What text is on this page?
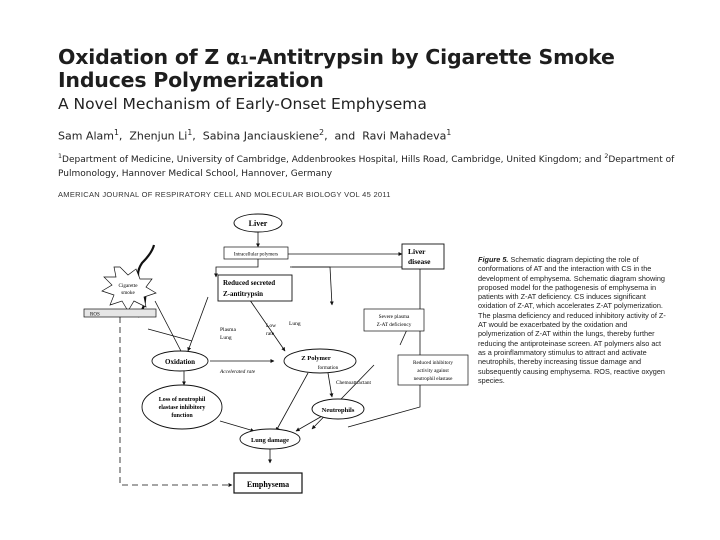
Oxidation of Z α₁-Antitrypsin by Cigarette Smoke
Induces Polymerization
A Novel Mechanism of Early-Onset Emphysema
Sam Alam$^1$,  Zhenjun Li$^1$,  Sabina Janciauskiene$^2$,  and  Ravi Mahadeva$^1$
$^1$Department of Medicine, University of Cambridge, Addenbrookes Hospital, Hills Road, Cambridge, United Kingdom; and $^2$Department of Pulmonology, Hannover Medical School, Hannover, Germany
AMERICAN JOURNAL OF RESPIRATORY CELL AND MOLECULAR BIOLOGY VOL 45 2011
Liver
Intracellular polymers	Liver
disease
Reduced secreted
Z-antitrypsin
Cigarette
smoke
ROS
Plasma
Lung
Low
rate
Lung
Severe plasma
Z-AT deficiency
Oxidation	Z Polymer
formation
Accelerated rate
Reduced inhibitory
activity against
neutrophil elastase
Chemoattractant
Loss of neutrophil
elastase inhibitory
function
Neutrophils
Lung damage
Emphysema
Figure 5. Schematic diagram depicting the role of conformations of AT and the interaction with CS in the development of emphysema. Schematic diagram showing proposed model for the pathogenesis of emphysema in patients with Z-AT deficiency. CS induces significant oxidation of Z-AT, which accelerates Z-AT polymerization. The plasma deficiency and reduced inhibitory activity of Z-AT would be exacerbated by the oxidation and polymerization of Z-AT within the lungs, thereby further reducing the antiproteinase screen. AT polymers also act as a proinflammatory stimulus to attract and activate neutrophils, thereby increasing tissue damage and subsequently causing emphysema. ROS, reactive oxygen species.
